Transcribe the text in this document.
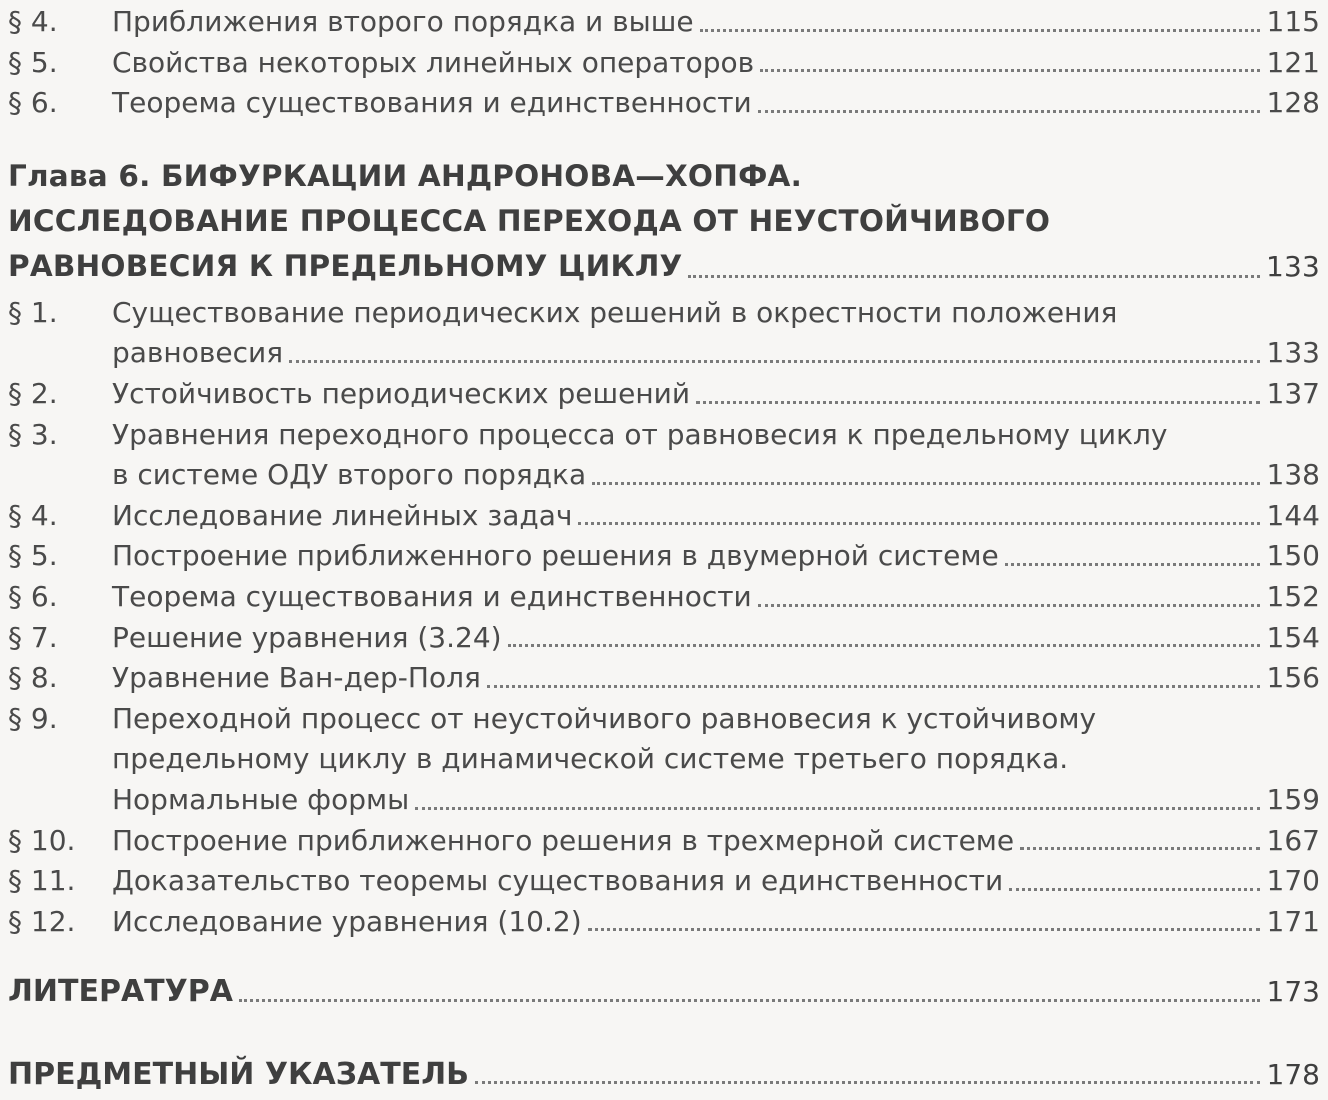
§ 4.	Приближения второго порядка и выше	115
§ 5.	Свойства некоторых линейных операторов	121
§ 6.	Теорема существования и единственности	128
Глава 6. БИФУРКАЦИИ АНДРОНОВА—ХОПФА.
ИССЛЕДОВАНИЕ ПРОЦЕССА ПЕРЕХОДА ОТ НЕУСТОЙЧИВОГО
РАВНОВЕСИЯ К ПРЕДЕЛЬНОМУ ЦИКЛУ	133
§ 1.	Существование периодических решений в окрестности положения
равновесия	133
§ 2.	Устойчивость периодических решений	137
§ 3.	Уравнения переходного процесса от равновесия к предельному циклу
в системе ОДУ второго порядка	138
§ 4.	Исследование линейных задач	144
§ 5.	Построение приближенного решения в двумерной системе	150
§ 6.	Теорема существования и единственности	152
§ 7.	Решение уравнения (3.24)	154
§ 8.	Уравнение Ван-дер-Поля	156
§ 9.	Переходной процесс от неустойчивого равновесия к устойчивому
предельному циклу в динамической системе третьего порядка.
Нормальные формы	159
§ 10.	Построение приближенного решения в трехмерной системе	167
§ 11.	Доказательство теоремы существования и единственности	170
§ 12.	Исследование уравнения (10.2)	171
ЛИТЕРАТУРА	173
ПРЕДМЕТНЫЙ УКАЗАТЕЛЬ	178
